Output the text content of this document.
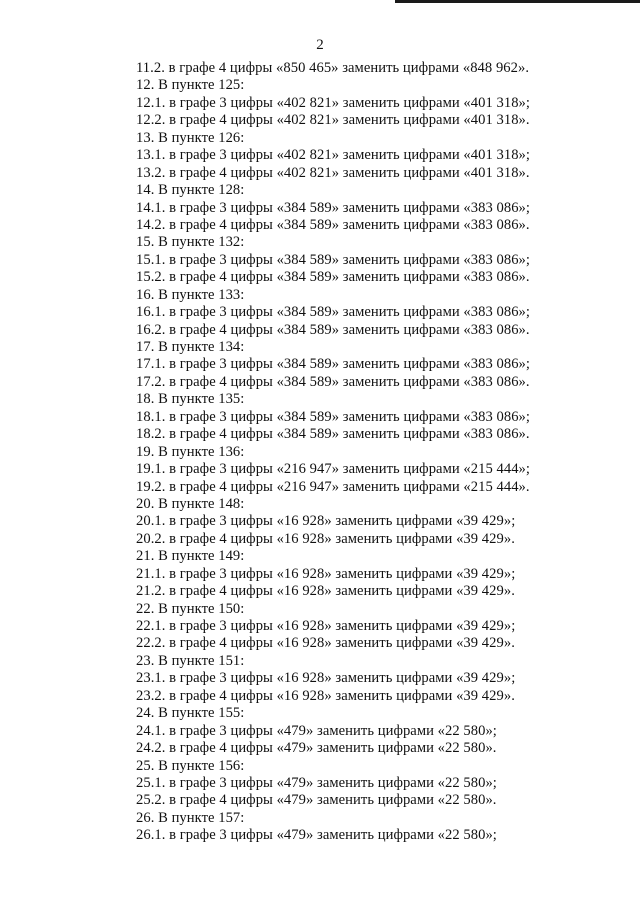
2
11.2. в графе 4 цифры «850 465» заменить цифрами «848 962».
12. В пункте 125:
12.1. в графе 3 цифры «402 821» заменить цифрами «401 318»;
12.2. в графе 4 цифры «402 821» заменить цифрами «401 318».
13. В пункте 126:
13.1. в графе 3 цифры «402 821» заменить цифрами «401 318»;
13.2. в графе 4 цифры «402 821» заменить цифрами «401 318».
14. В пункте 128:
14.1. в графе 3 цифры «384 589» заменить цифрами «383 086»;
14.2. в графе 4 цифры «384 589» заменить цифрами «383 086».
15. В пункте 132:
15.1. в графе 3 цифры «384 589» заменить цифрами «383 086»;
15.2. в графе 4 цифры «384 589» заменить цифрами «383 086».
16. В пункте 133:
16.1. в графе 3 цифры «384 589» заменить цифрами «383 086»;
16.2. в графе 4 цифры «384 589» заменить цифрами «383 086».
17. В пункте 134:
17.1. в графе 3 цифры «384 589» заменить цифрами «383 086»;
17.2. в графе 4 цифры «384 589» заменить цифрами «383 086».
18. В пункте 135:
18.1. в графе 3 цифры «384 589» заменить цифрами «383 086»;
18.2. в графе 4 цифры «384 589» заменить цифрами «383 086».
19. В пункте 136:
19.1. в графе 3 цифры «216 947» заменить цифрами «215 444»;
19.2. в графе 4 цифры «216 947» заменить цифрами «215 444».
20. В пункте 148:
20.1. в графе 3 цифры «16 928» заменить цифрами «39 429»;
20.2. в графе 4 цифры «16 928» заменить цифрами «39 429».
21. В пункте 149:
21.1. в графе 3 цифры «16 928» заменить цифрами «39 429»;
21.2. в графе 4 цифры «16 928» заменить цифрами «39 429».
22. В пункте 150:
22.1. в графе 3 цифры «16 928» заменить цифрами «39 429»;
22.2. в графе 4 цифры «16 928» заменить цифрами «39 429».
23. В пункте 151:
23.1. в графе 3 цифры «16 928» заменить цифрами «39 429»;
23.2. в графе 4 цифры «16 928» заменить цифрами «39 429».
24. В пункте 155:
24.1. в графе 3 цифры «479» заменить цифрами «22 580»;
24.2. в графе 4 цифры «479» заменить цифрами «22 580».
25. В пункте 156:
25.1. в графе 3 цифры «479» заменить цифрами «22 580»;
25.2. в графе 4 цифры «479» заменить цифрами «22 580».
26. В пункте 157:
26.1. в графе 3 цифры «479» заменить цифрами «22 580»;
